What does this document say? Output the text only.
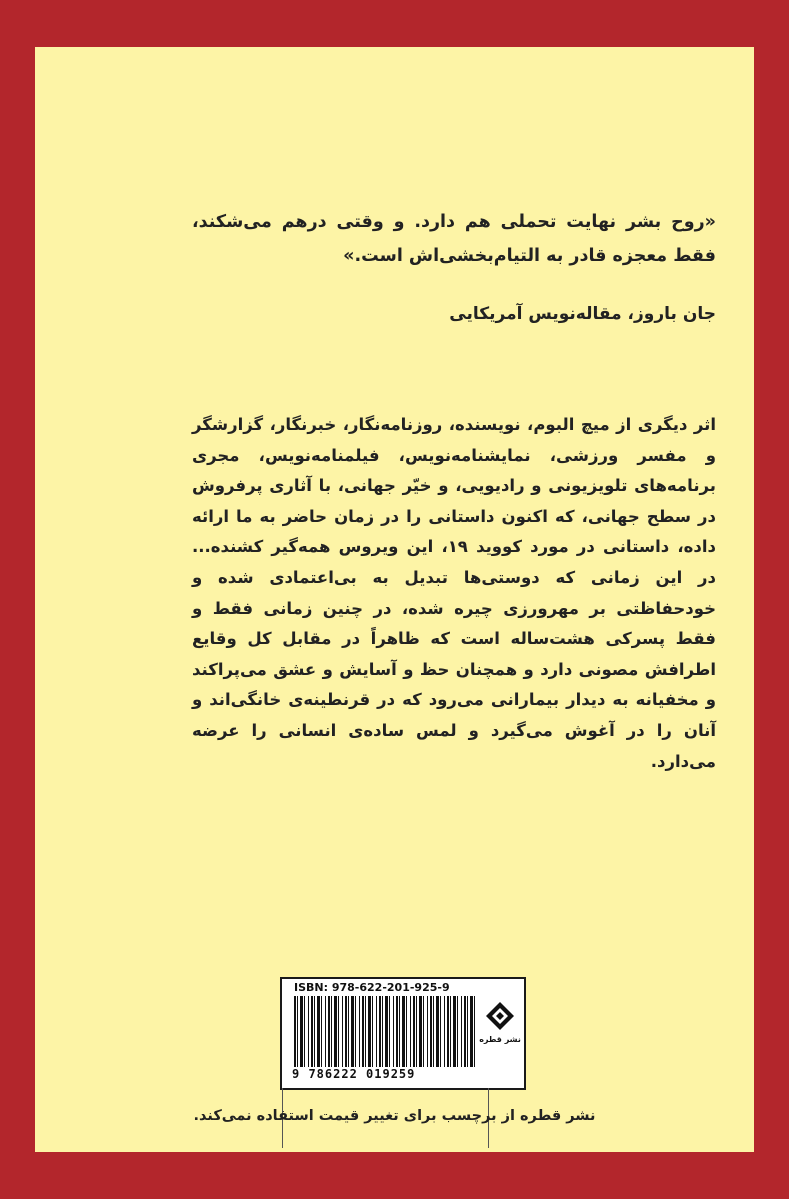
«روح بشر نهایت تحملی هم دارد. و وقتی درهم می‌شکند، فقط معجزه قادر به التیام‌بخشی‌اش است.»
جان باروز، مقاله‌نویس آمریکایی
اثر دیگری از میچ البوم، نویسنده، روزنامه‌نگار، خبرنگار، گزارشگر و مفسر ورزشی، نمایشنامه‌نویس، فیلمنامه‌نویس، مجری برنامه‌های تلویزیونی و رادیویی، و خیّر جهانی، با آثاری پرفروش در سطح جهانی، که اکنون داستانی را در زمان حاضر به ما ارائه داده، داستانی در مورد کووید ۱۹، این ویروس همه‌گیر کشنده... در این زمانی که دوستی‌ها تبدیل به بی‌اعتمادی شده و خودحفاظتی بر مهرورزی چیره شده، در چنین زمانی فقط و فقط پسرکی هشت‌ساله است که ظاهراً در مقابل کل وقایع اطرافش مصونی دارد و همچنان حظ و آسایش و عشق می‌پراکند و مخفیانه به دیدار بیمارانی می‌رود که در قرنطینه‌ی خانگی‌اند و آنان را در آغوش می‌گیرد و لمس ساده‌ی انسانی را عرضه می‌دارد.
ISBN: 978-622-201-925-9
9 786222 019259
نشر قطره
نشر قطره از برچسب برای تغییر قیمت استفاده نمی‌کند.
